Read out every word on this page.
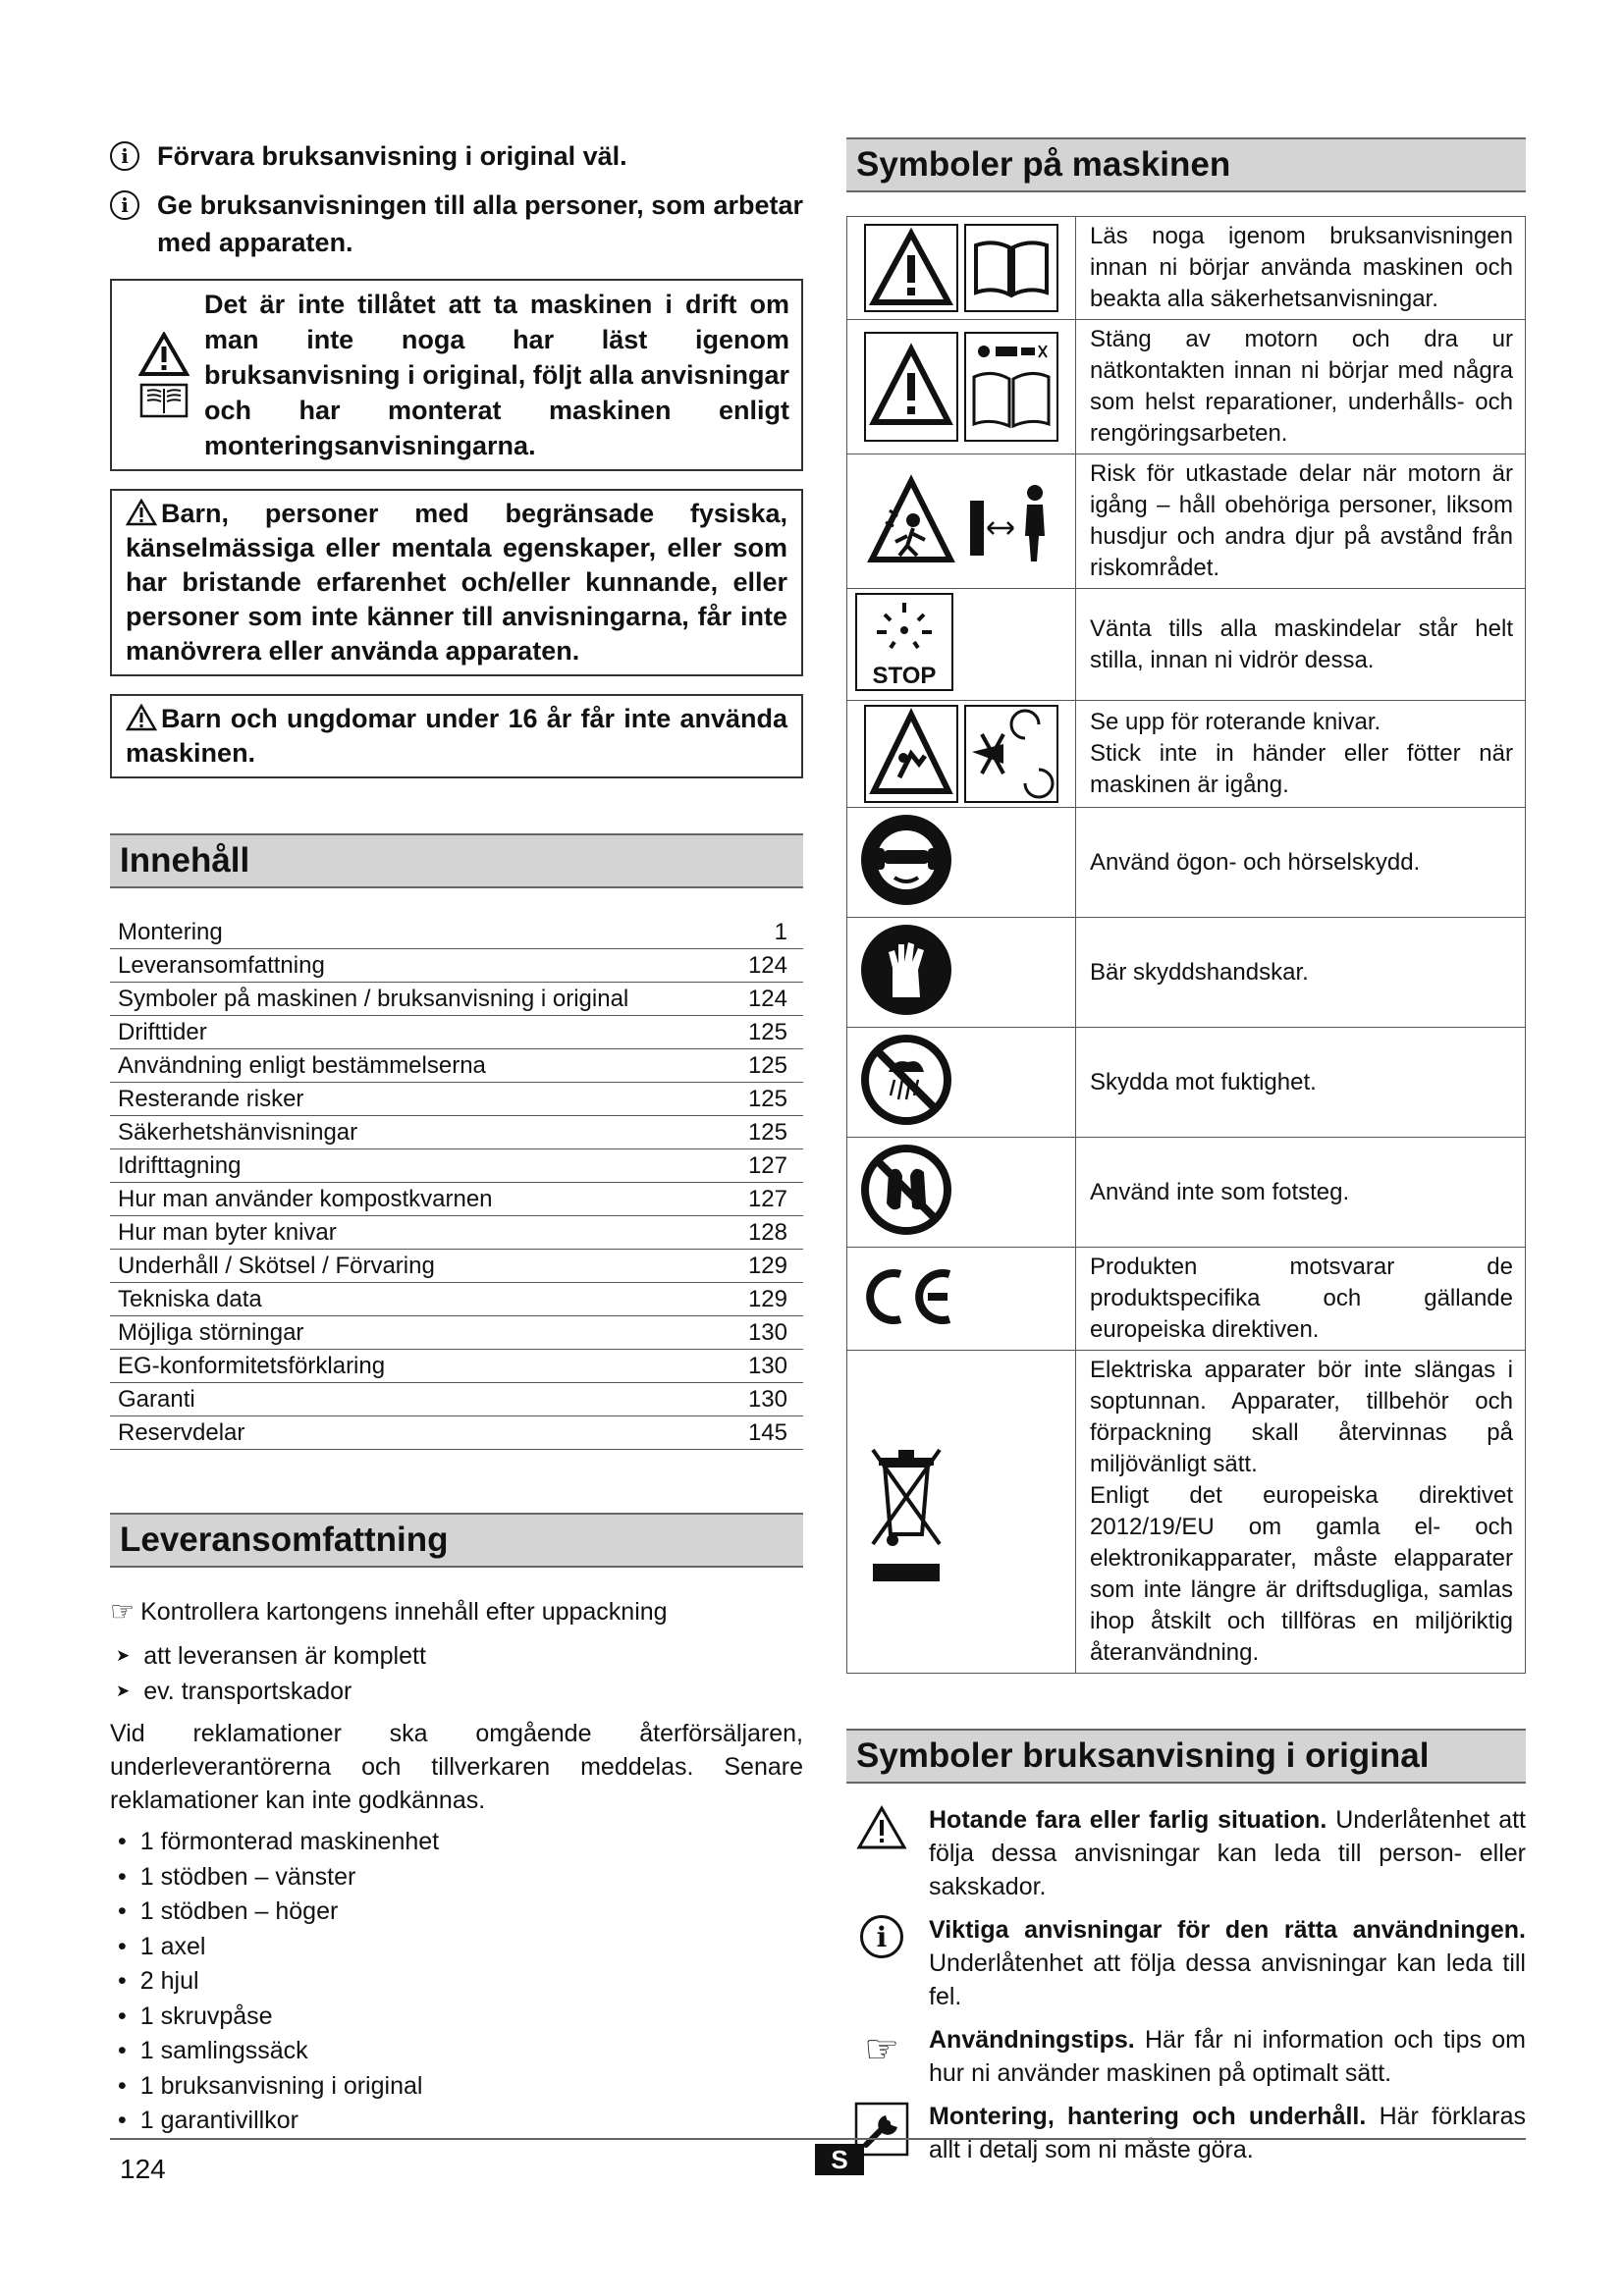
i	Förvara bruksanvisning i original väl.
i	Ge bruksanvisningen till alla personer, som arbetar med apparaten.
Det är inte tillåtet att ta maskinen i drift om man inte noga har läst igenom bruksanvisning i original, följt alla anvisningar och har monterat maskinen enligt monteringsanvisningarna.
Barn, personer med begränsade fysiska, känselmässiga eller mentala egenskaper, eller som har bristande erfarenhet och/eller kunnande, eller personer som inte känner till anvisningarna, får inte manövrera eller använda apparaten.
Barn och ungdomar under 16 år får inte använda maskinen.
Innehåll
Montering	1
Leveransomfattning	124
Symboler på maskinen / bruksanvisning i original	124
Drifttider	125
Användning enligt bestämmelserna	125
Resterande risker	125
Säkerhetshänvisningar	125
Idrifttagning	127
Hur man använder kompostkvarnen	127
Hur man byter knivar	128
Underhåll / Skötsel / Förvaring	129
Tekniska data	129
Möjliga störningar	130
EG-konformitetsförklaring	130
Garanti	130
Reservdelar	145
Leveransomfattning
☞ Kontrollera kartongens innehåll efter uppackning
➤ att leveransen är komplett
➤ ev. transportskador

Vid reklamationer ska omgående återförsäljaren, underleverantörerna och tillverkaren meddelas. Senare reklamationer kan inte godkännas.

• 1 förmonterad maskinenhet
• 1 stödben – vänster
• 1 stödben – höger
• 1 axel
• 2 hjul
• 1 skruvpåse
• 1 samlingssäck
• 1 bruksanvisning i original
• 1 garantivillkor
Symboler på maskinen
	Läs noga igenom bruksanvisningen innan ni börjar använda maskinen och beakta alla säkerhetsanvisningar.

	Stäng av motorn och dra ur nätkontakten innan ni börjar med några som helst reparationer, underhålls- och rengöringsarbeten.

	Risk för utkastade delar när motorn är igång – håll obehöriga personer, liksom husdjur och andra djur på avstånd från riskområdet.

STOP	Vänta tills alla maskindelar står helt stilla, innan ni vidrör dessa.

Se upp för roterande knivar.

Stick inte in händer eller fötter när maskinen är igång.

	Använd ögon- och hörselskydd.
	Bär skyddshandskar.
	Skydda mot fuktighet.
	Använd inte som fotsteg.
	Produkten motsvarar de produktspecifika och gällande europeiska direktiven.

Elektriska apparater bör inte slängas i soptunnan. Apparater, tillbehör och förpackning skall återvinnas på miljövänligt sätt.

Enligt det europeiska direktivet 2012/19/EU om gamla el- och elektronikapparater, måste elapparater som inte längre är driftsdugliga, samlas ihop åtskilt och tillföras en miljöriktig återanvändning.

Symboler bruksanvisning i original
Hotande fara eller farlig situation. Underlåtenhet att följa dessa anvisningar kan leda till person- eller sakskador.
i	Viktiga anvisningar för den rätta användningen. Underlåtenhet att följa dessa anvisningar kan leda till fel.
☞	Användningstips. Här får ni information och tips om hur ni använder maskinen på optimalt sätt.
Montering, hantering och underhåll. Här förklaras allt i detalj som ni måste göra.
124	S
